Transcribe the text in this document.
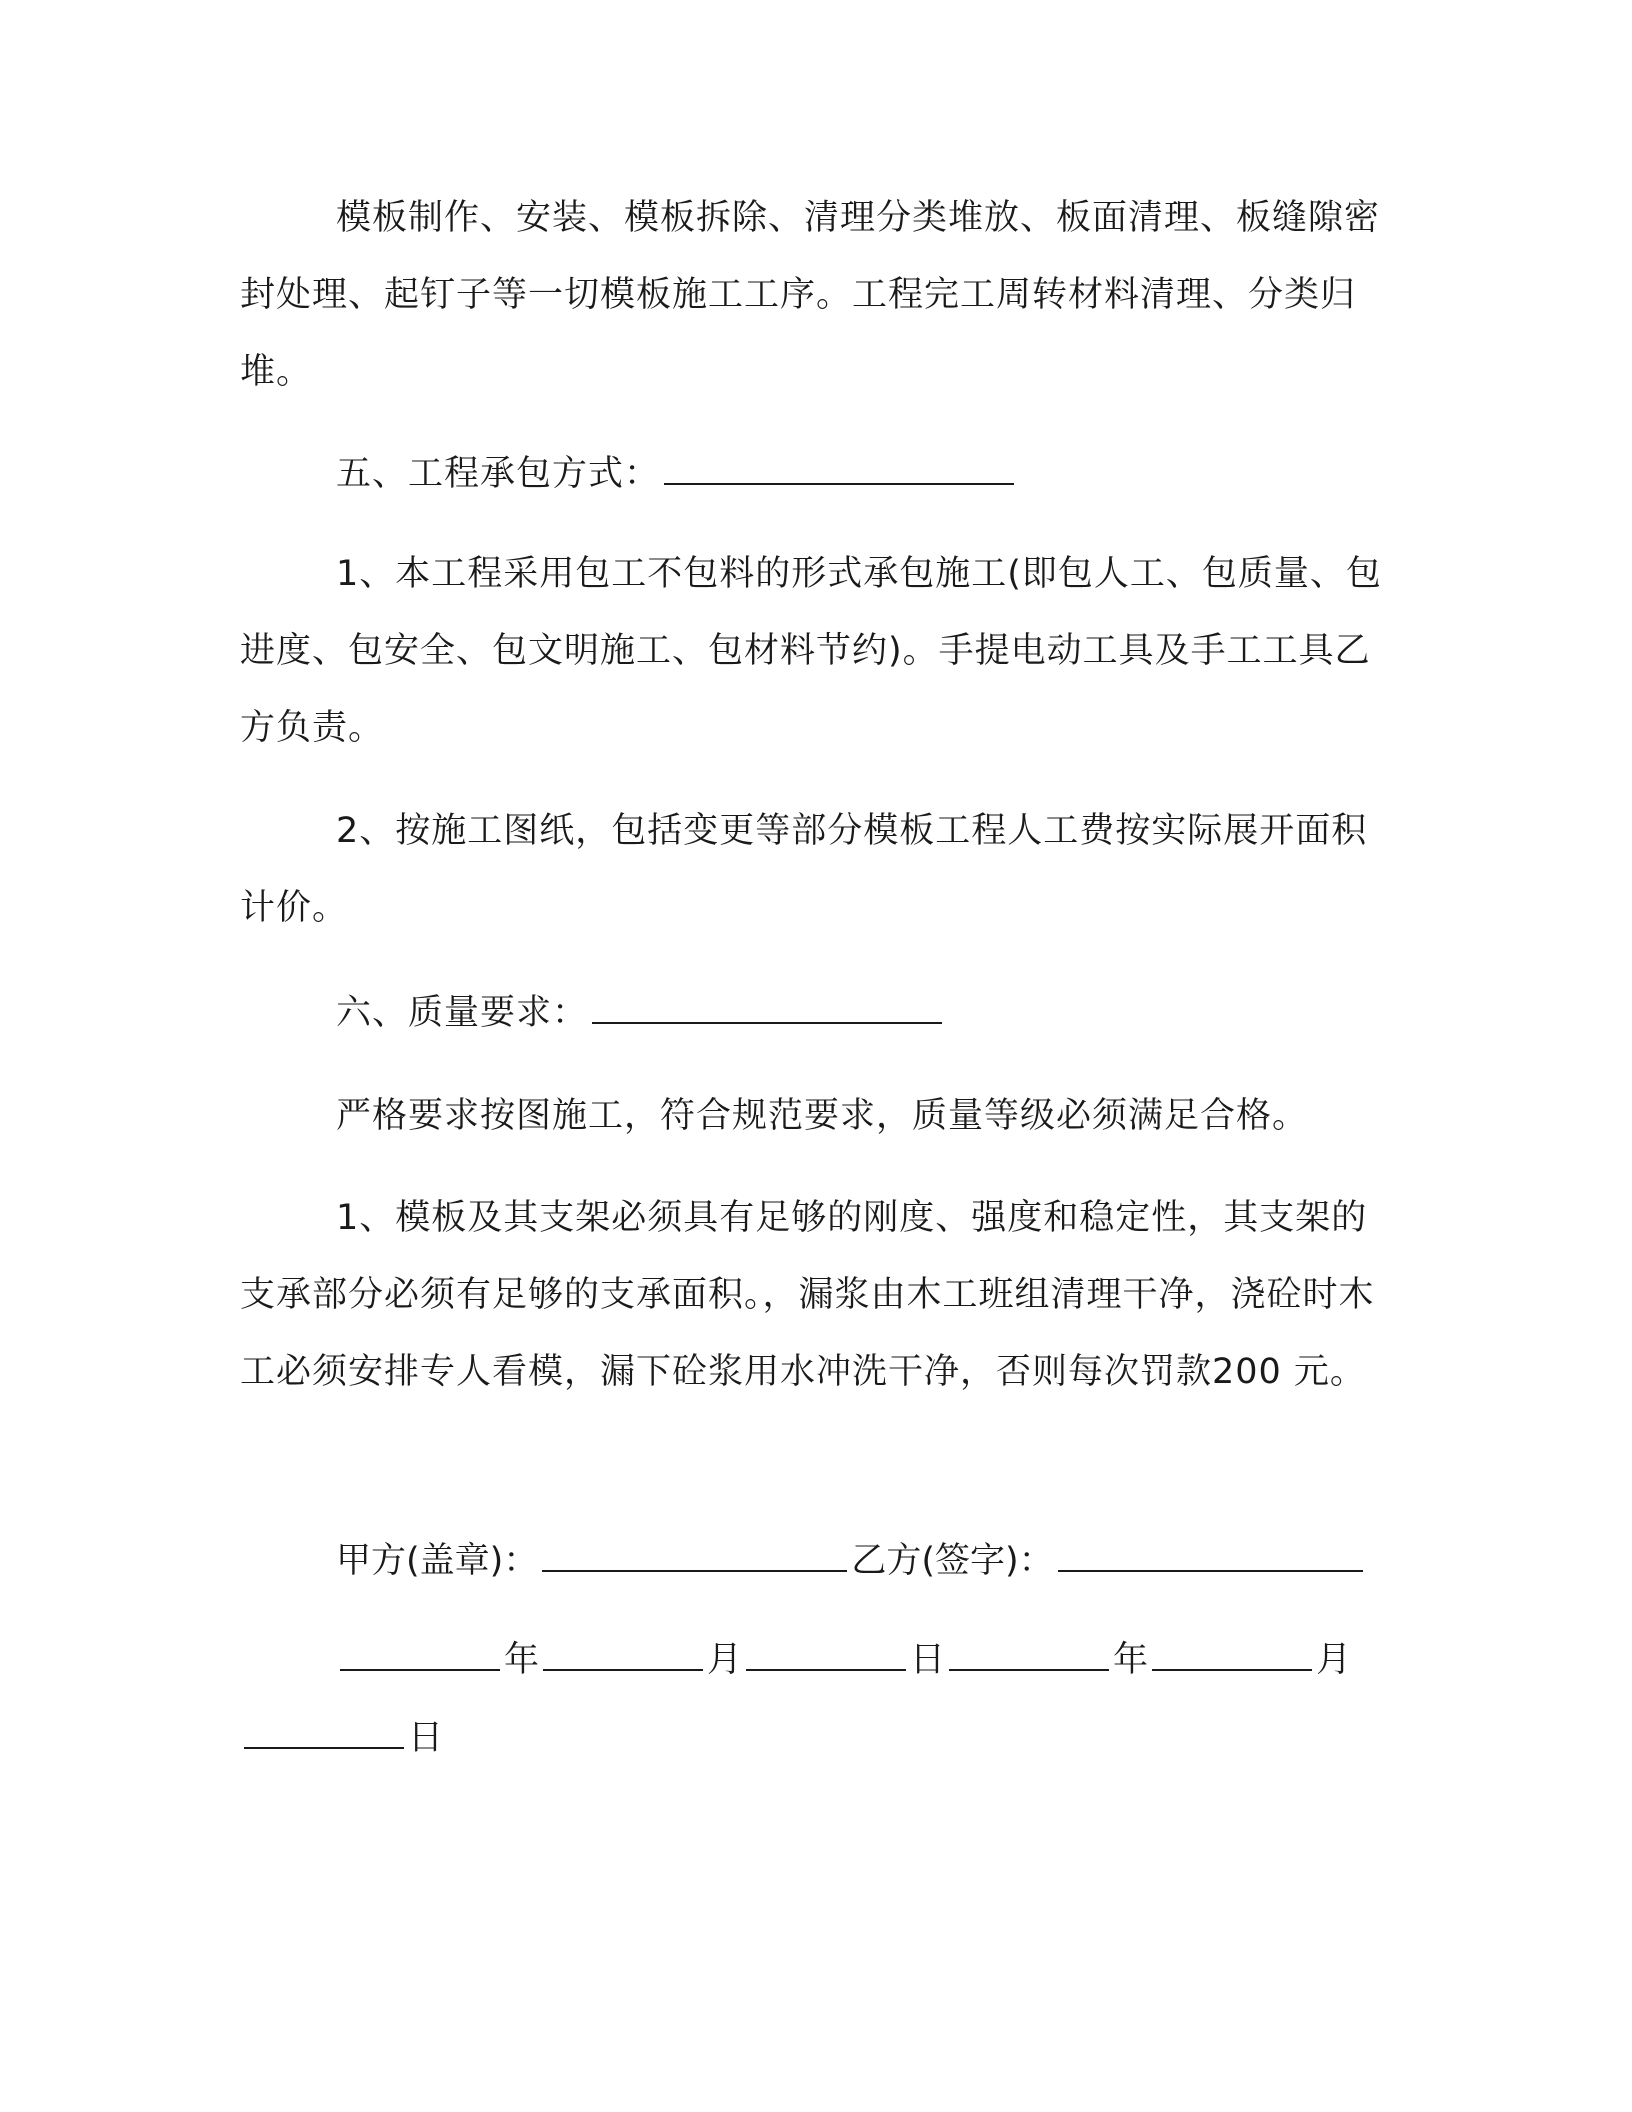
模板制作、安装、模板拆除、清理分类堆放、板面清理、板缝隙密封处理、起钉子等一切模板施工工序。工程完工周转材料清理、分类归堆。

五、工程承包方式：

1、本工程采用包工不包料的形式承包施工(即包人工、包质量、包进度、包安全、包文明施工、包材料节约)。手提电动工具及手工工具乙方负责。

2、按施工图纸，包括变更等部分模板工程人工费按实际展开面积计价。

六、质量要求：

严格要求按图施工，符合规范要求，质量等级必须满足合格。

1、模板及其支架必须具有足够的刚度、强度和稳定性，其支架的支承部分必须有足够的支承面积。，漏浆由木工班组清理干净，浇砼时木工必须安排专人看模，漏下砼浆用水冲洗干净，否则每次罚款200 元。

甲方(盖章)：	乙方(签字)：
年	月	日	年	月
日
